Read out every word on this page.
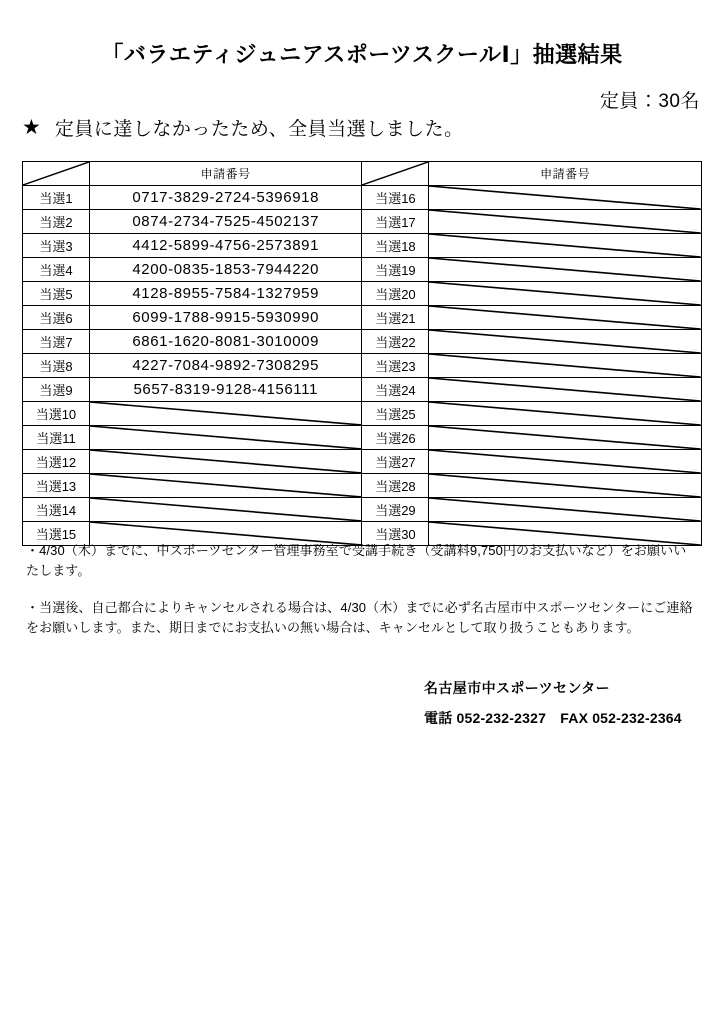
「バラエティジュニアスポーツスクールⅠ」抽選結果
定員：30名
★ 定員に達しなかったため、全員当選しました。
	申請番号		申請番号
当選1	0717-3829-2724-5396918	当選16	

当選2	0874-2734-7525-4502137	当選17	

当選3	4412-5899-4756-2573891	当選18	

当選4	4200-0835-1853-7944220	当選19	

当選5	4128-8955-7584-1327959	当選20	

当選6	6099-1788-9915-5930990	当選21	

当選7	6861-1620-8081-3010009	当選22	

当選8	4227-7084-9892-7308295	当選23	

当選9	5657-8319-9128-4156111	当選24	

当選10		当選25	

当選11		当選26	

当選12		当選27	

当選13		当選28	

当選14		当選29	

当選15		当選30	
・4/30（木）までに、中スポーツセンター管理事務室で受講手続き（受講料9,750円のお支払いなど）をお願いいたします。
・当選後、自己都合によりキャンセルされる場合は、4/30（木）までに必ず名古屋市中スポーツセンターにご連絡をお願いします。また、期日までにお支払いの無い場合は、キャンセルとして取り扱うこともあります。
名古屋市中スポーツセンター
電話 052-232-2327　FAX 052-232-2364
